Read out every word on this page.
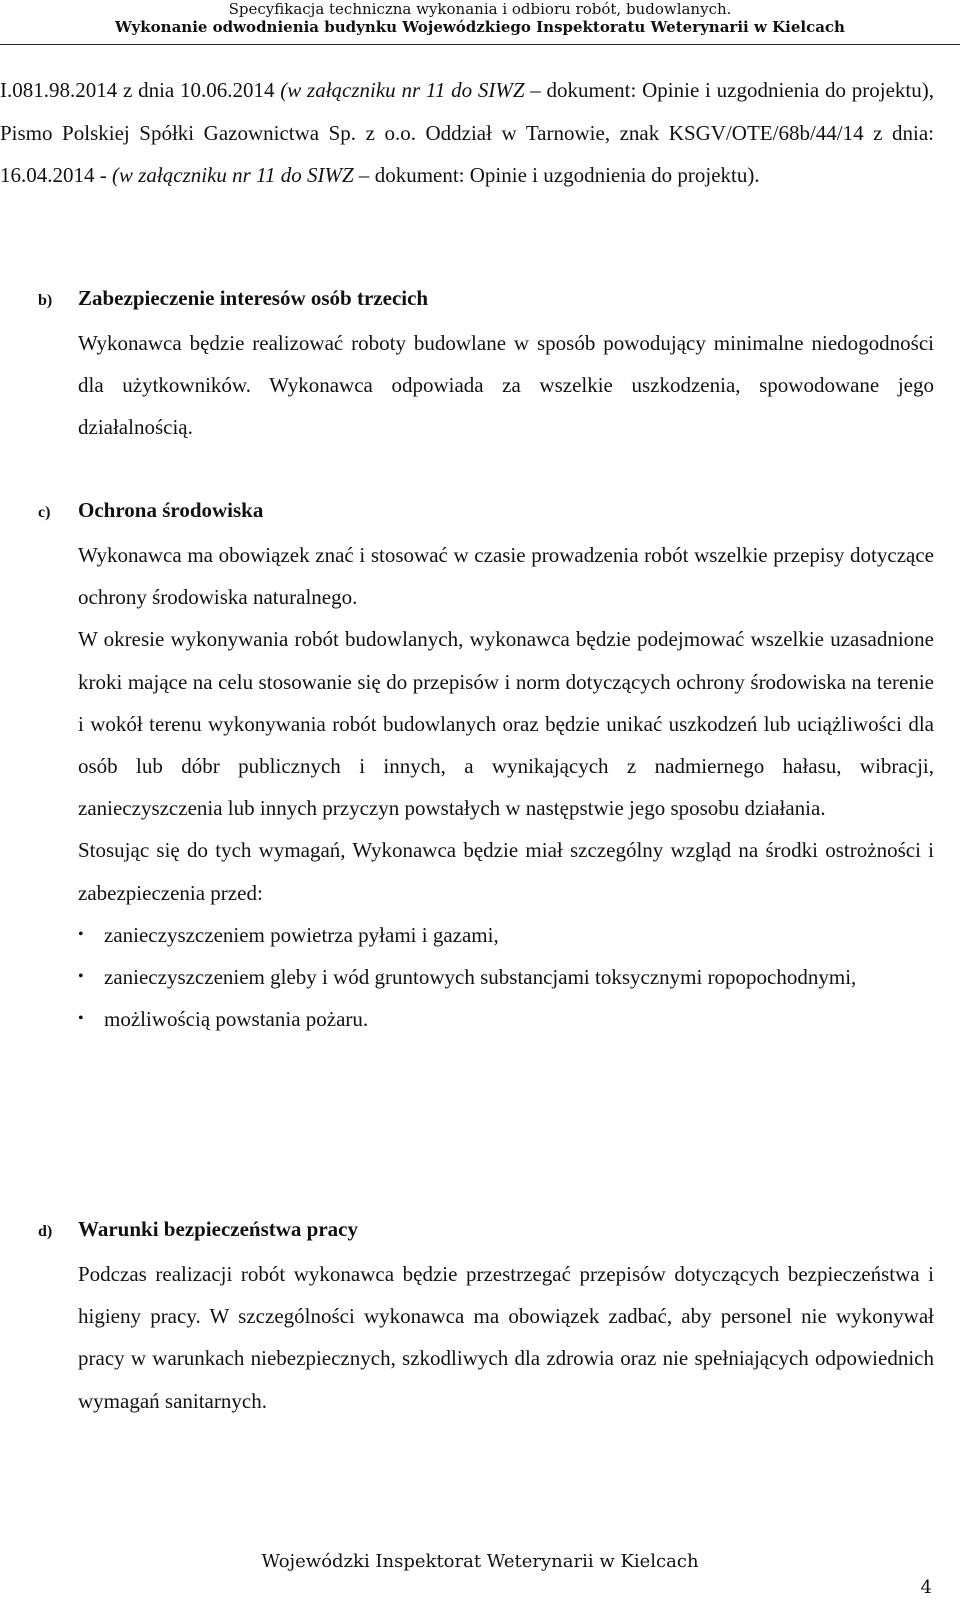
Specyfikacja techniczna wykonania i odbioru robót, budowlanych.
Wykonanie odwodnienia budynku Wojewódzkiego Inspektoratu Weterynarii w Kielcach
I.081.98.2014 z dnia 10.06.2014 (w załączniku nr 11 do SIWZ – dokument: Opinie i uzgodnienia do projektu), Pismo Polskiej Spółki Gazownictwa Sp. z o.o. Oddział w Tarnowie, znak KSGV/OTE/68b/44/14 z dnia: 16.04.2014 - (w załączniku nr 11 do SIWZ – dokument: Opinie i uzgodnienia do projektu).
b)	Zabezpieczenie interesów osób trzecich
Wykonawca będzie realizować roboty budowlane w sposób powodujący minimalne niedogodności dla użytkowników. Wykonawca odpowiada za wszelkie uszkodzenia, spowodowane jego działalnością.
c)	Ochrona środowiska
Wykonawca ma obowiązek znać i stosować w czasie prowadzenia robót wszelkie przepisy dotyczące ochrony środowiska naturalnego.
W okresie wykonywania robót budowlanych, wykonawca będzie podejmować wszelkie uzasadnione kroki mające na celu stosowanie się do przepisów i norm dotyczących ochrony środowiska na terenie i wokół terenu wykonywania robót budowlanych oraz będzie unikać uszkodzeń lub uciążliwości dla osób lub dóbr publicznych i innych, a wynikających z nadmiernego hałasu, wibracji, zanieczyszczenia lub innych przyczyn powstałych w następstwie jego sposobu działania.
Stosując się do tych wymagań, Wykonawca będzie miał szczególny wzgląd na środki ostrożności i zabezpieczenia przed:
• zanieczyszczeniem powietrza pyłami i gazami,
• zanieczyszczeniem gleby i wód gruntowych substancjami toksycznymi ropopochodnymi,
• możliwością powstania pożaru.
d)	Warunki bezpieczeństwa pracy
Podczas realizacji robót wykonawca będzie przestrzegać przepisów dotyczących bezpieczeństwa i higieny pracy. W szczególności wykonawca ma obowiązek zadbać, aby personel nie wykonywał pracy w warunkach niebezpiecznych, szkodliwych dla zdrowia oraz nie spełniających odpowiednich wymagań sanitarnych.
Wojewódzki Inspektorat Weterynarii w Kielcach
4
